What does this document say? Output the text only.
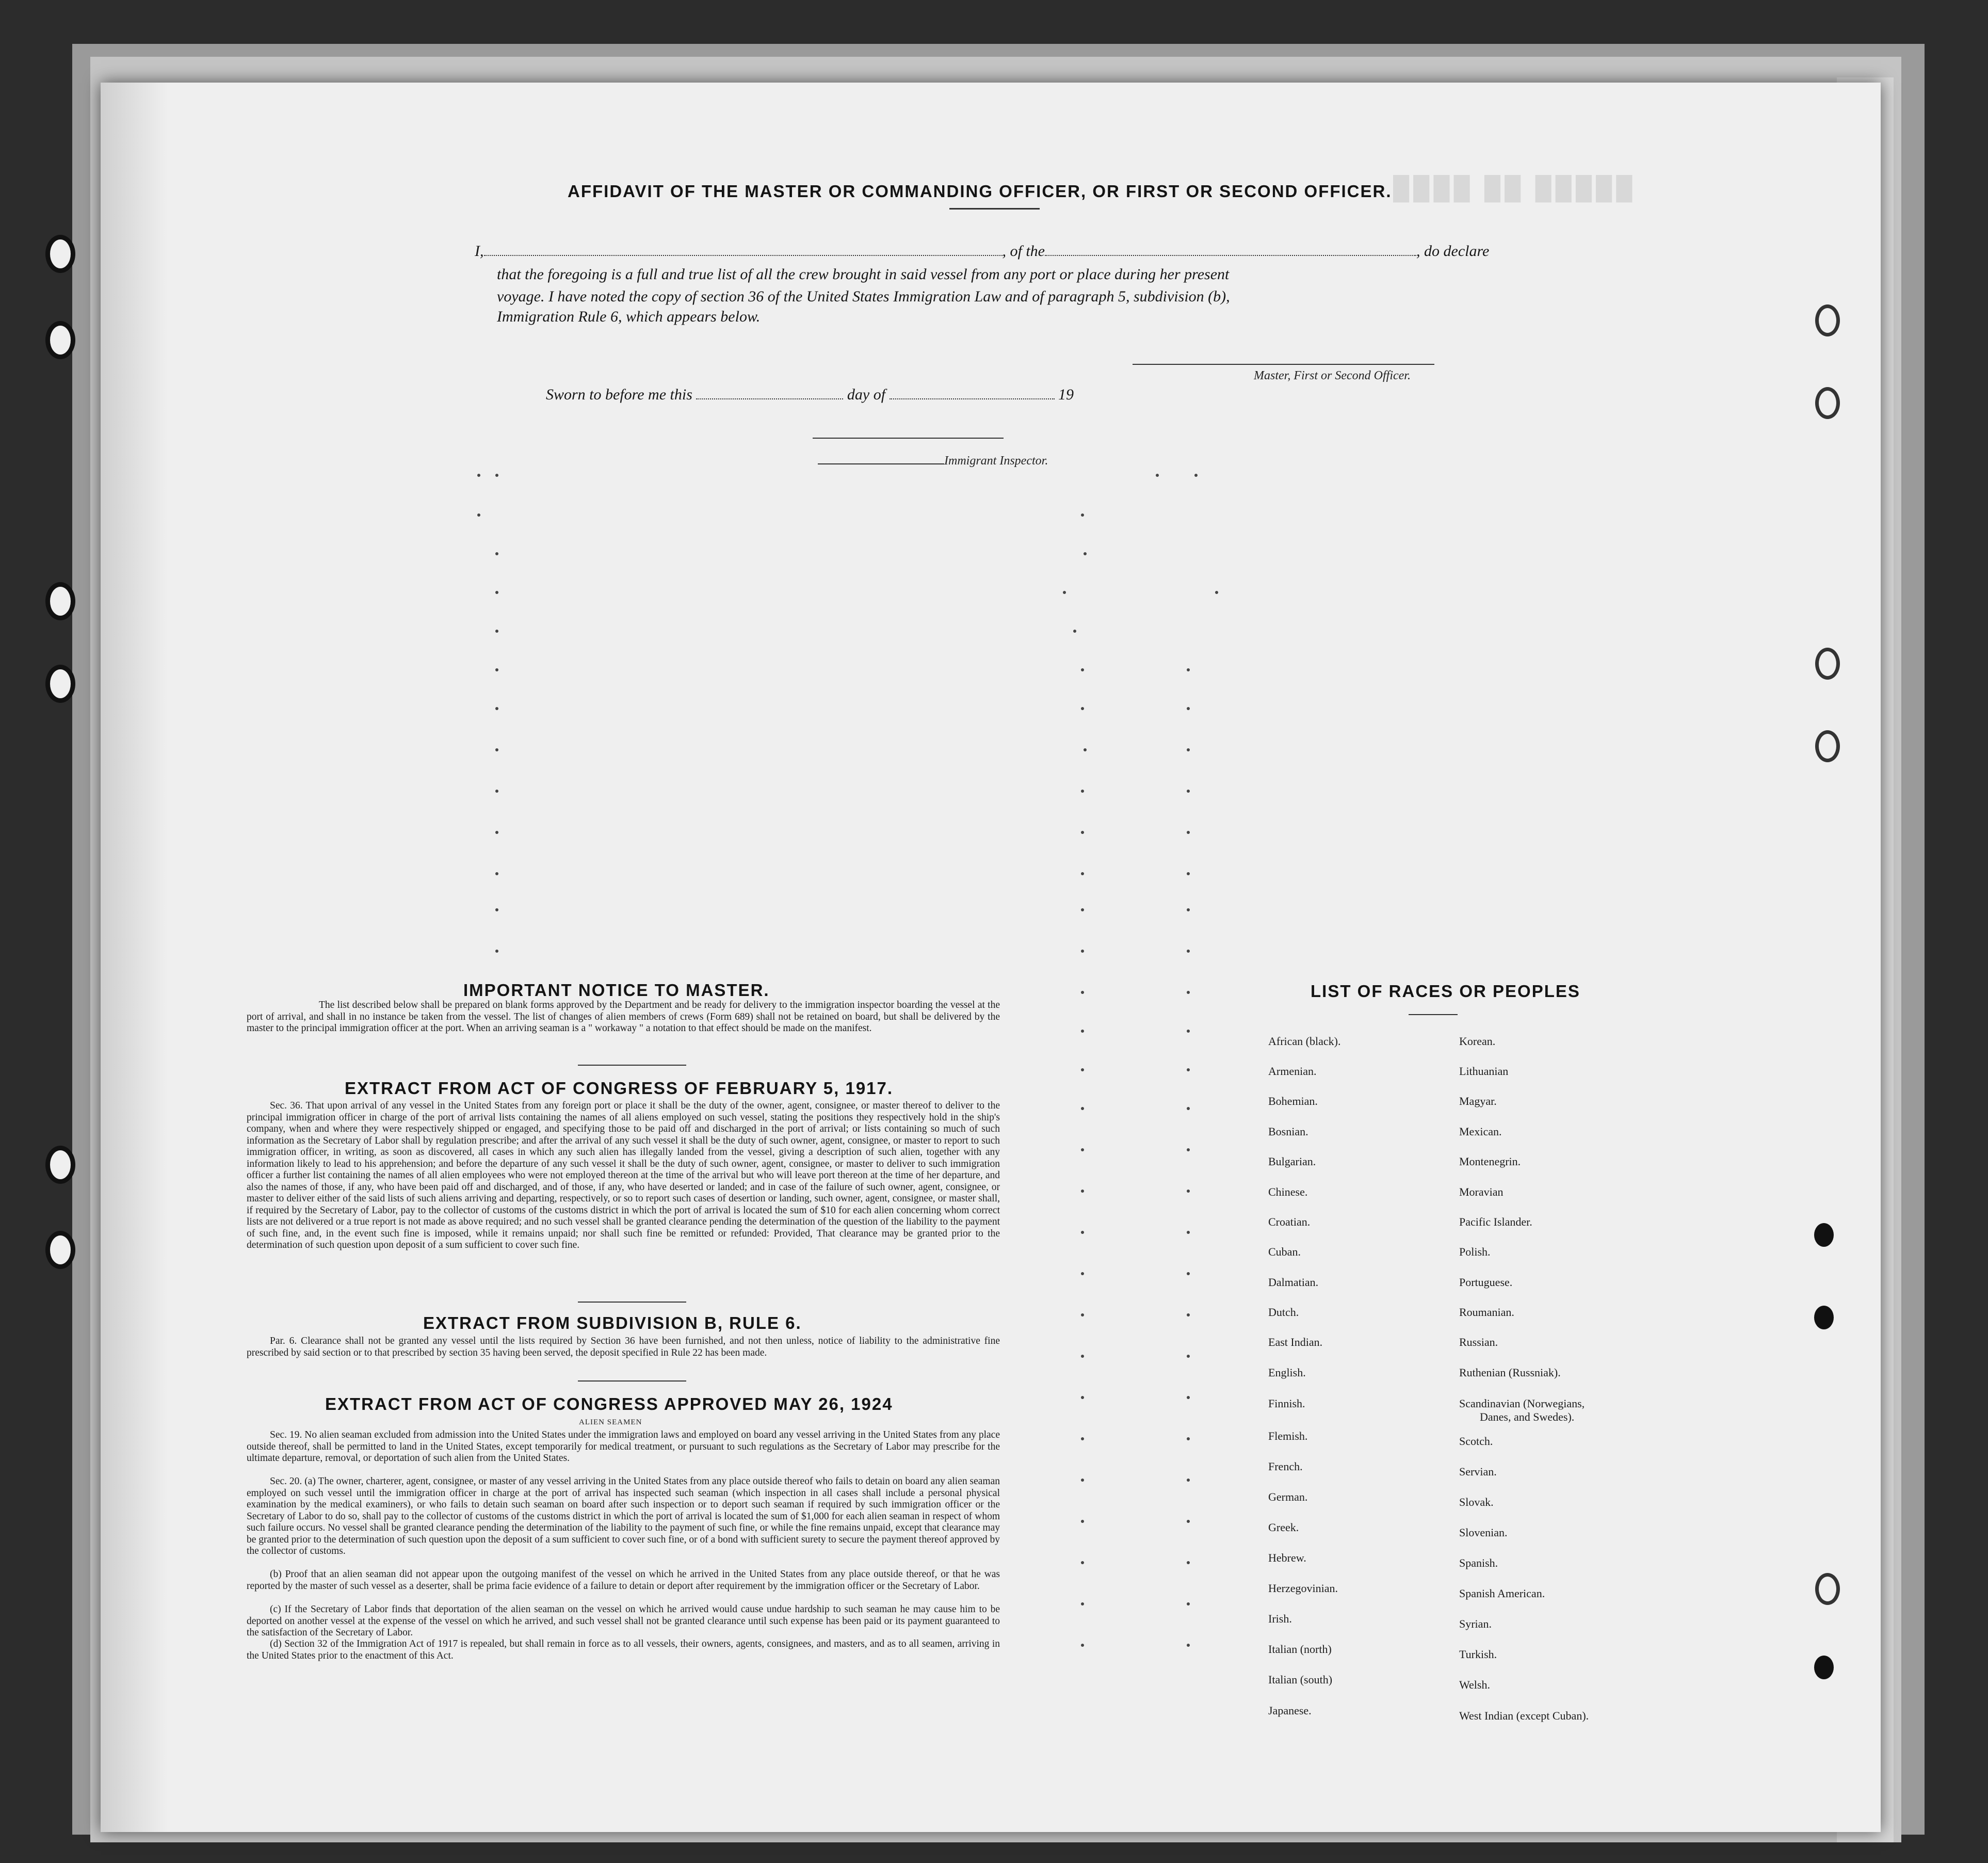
████ ██ █████
AFFIDAVIT OF THE MASTER OR COMMANDING OFFICER, OR FIRST OR SECOND OFFICER.
I,	, of the	, do declare
that the foregoing is a full and true list of all the crew brought in said vessel from any port or place during her present
voyage. I have noted the copy of section 36 of the United States Immigration Law and of paragraph 5, subdivision (b),
Immigration Rule 6, which appears below.
Master, First or Second Officer.
Sworn to before me this	day of	19
Immigrant Inspector.
IMPORTANT NOTICE TO MASTER.

The list described below shall be prepared on blank forms approved by the Department and be ready for delivery to the immigration inspector boarding the vessel at the port of arrival, and shall in no instance be taken from the vessel. The list of changes of alien members of crews (Form 689) shall not be retained on board, but shall be delivered by the master to the principal immigration officer at the port. When an arriving seaman is a " workaway " a notation to that effect should be made on the manifest.

EXTRACT FROM ACT OF CONGRESS OF FEBRUARY 5, 1917.

Sec. 36. That upon arrival of any vessel in the United States from any foreign port or place it shall be the duty of the owner, agent, consignee, or master thereof to deliver to the principal immigration officer in charge of the port of arrival lists containing the names of all aliens employed on such vessel, stating the positions they respectively hold in the ship's company, when and where they were respectively shipped or engaged, and specifying those to be paid off and discharged in the port of arrival; or lists containing so much of such information as the Secretary of Labor shall by regulation prescribe; and after the arrival of any such vessel it shall be the duty of such owner, agent, consignee, or master to report to such immigration officer, in writing, as soon as discovered, all cases in which any such alien has illegally landed from the vessel, giving a description of such alien, together with any information likely to lead to his apprehension; and before the departure of any such vessel it shall be the duty of such owner, agent, consignee, or master to deliver to such immigration officer a further list containing the names of all alien employees who were not employed thereon at the time of the arrival but who will leave port thereon at the time of her departure, and also the names of those, if any, who have been paid off and discharged, and of those, if any, who have deserted or landed; and in case of the failure of such owner, agent, consignee, or master to deliver either of the said lists of such aliens arriving and departing, respectively, or so to report such cases of desertion or landing, such owner, agent, consignee, or master shall, if required by the Secretary of Labor, pay to the collector of customs of the customs district in which the port of arrival is located the sum of $10 for each alien concerning whom correct lists are not delivered or a true report is not made as above required; and no such vessel shall be granted clearance pending the determination of the question of the liability to the payment of such fine, and, in the event such fine is imposed, while it remains unpaid; nor shall such fine be remitted or refunded: Provided, That clearance may be granted prior to the determination of such question upon deposit of a sum sufficient to cover such fine.

EXTRACT FROM SUBDIVISION B, RULE 6.

Par. 6. Clearance shall not be granted any vessel until the lists required by Section 36 have been furnished, and not then unless, notice of liability to the administrative fine prescribed by said section or to that prescribed by section 35 having been served, the deposit specified in Rule 22 has been made.

EXTRACT FROM ACT OF CONGRESS APPROVED MAY 26, 1924
ALIEN SEAMEN

Sec. 19. No alien seaman excluded from admission into the United States under the immigration laws and employed on board any vessel arriving in the United States from any place outside thereof, shall be permitted to land in the United States, except temporarily for medical treatment, or pursuant to such regulations as the Secretary of Labor may prescribe for the ultimate departure, removal, or deportation of such alien from the United States.

Sec. 20. (a) The owner, charterer, agent, consignee, or master of any vessel arriving in the United States from any place outside thereof who fails to detain on board any alien seaman employed on such vessel until the immigration officer in charge at the port of arrival has inspected such seaman (which inspection in all cases shall include a personal physical examination by the medical examiners), or who fails to detain such seaman on board after such inspection or to deport such seaman if required by such immigration officer or the Secretary of Labor to do so, shall pay to the collector of customs of the customs district in which the port of arrival is located the sum of $1,000 for each alien seaman in respect of whom such failure occurs. No vessel shall be granted clearance pending the determination of the liability to the payment of such fine, or while the fine remains unpaid, except that clearance may be granted prior to the determination of such question upon the deposit of a sum sufficient to cover such fine, or of a bond with sufficient surety to secure the payment thereof approved by the collector of customs.

(b) Proof that an alien seaman did not appear upon the outgoing manifest of the vessel on which he arrived in the United States from any place outside thereof, or that he was reported by the master of such vessel as a deserter, shall be prima facie evidence of a failure to detain or deport after requirement by the immigration officer or the Secretary of Labor.

(c) If the Secretary of Labor finds that deportation of the alien seaman on the vessel on which he arrived would cause undue hardship to such seaman he may cause him to be deported on another vessel at the expense of the vessel on which he arrived, and such vessel shall not be granted clearance until such expense has been paid or its payment guaranteed to the satisfaction of the Secretary of Labor.

(d) Section 32 of the Immigration Act of 1917 is repealed, but shall remain in force as to all vessels, their owners, agents, consignees, and masters, and as to all seamen, arriving in the United States prior to the enactment of this Act.

LIST OF RACES OR PEOPLES
African (black).
Armenian.
Bohemian.
Bosnian.
Bulgarian.
Chinese.
Croatian.
Cuban.
Dalmatian.
Dutch.
East Indian.
English.
Finnish.
Flemish.
French.
German.
Greek.
Hebrew.
Herzegovinian.
Irish.
Italian (north)
Italian (south)
Japanese.
Korean.
Lithuanian
Magyar.
Mexican.
Montenegrin.
Moravian
Pacific Islander.
Polish.
Portuguese.
Roumanian.
Russian.
Ruthenian (Russniak).
Scandinavian (Norwegians,
Danes, and Swedes).
Scotch.
Servian.
Slovak.
Slovenian.
Spanish.
Spanish American.
Syrian.
Turkish.
Welsh.
West Indian (except Cuban).
